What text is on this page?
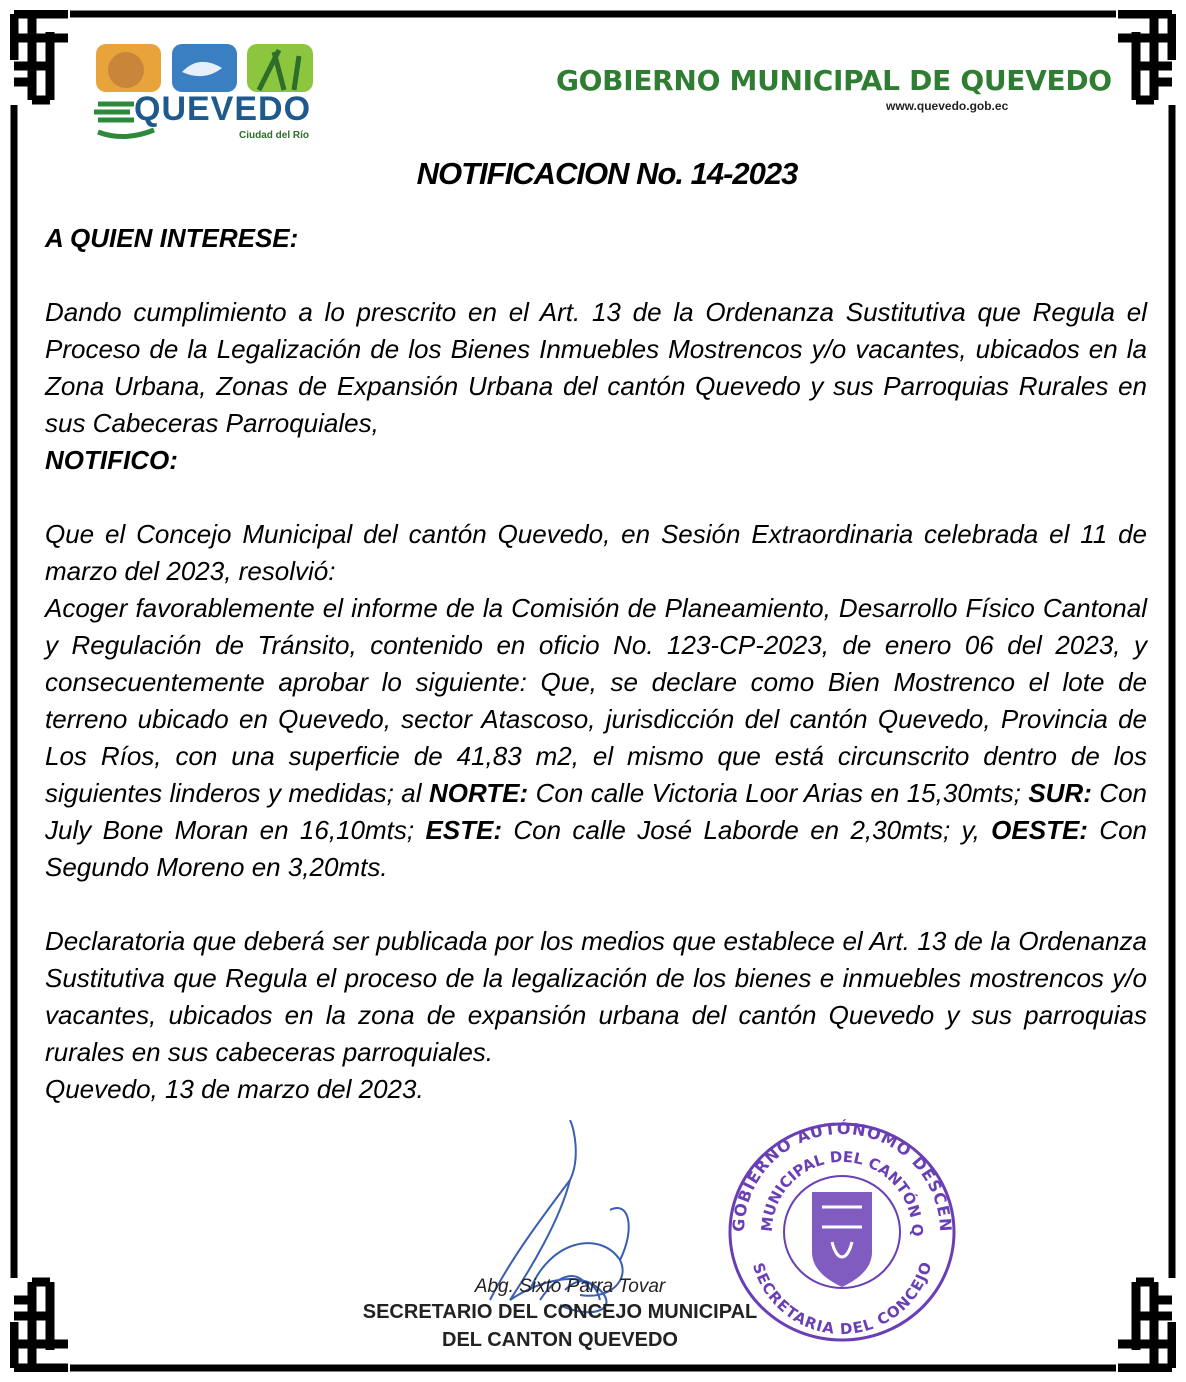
QUEVEDO
Ciudad del Río
GOBIERNO MUNICIPAL DE QUEVEDO
www.quevedo.gob.ec
NOTIFICACION No. 14-2023

A QUIEN INTERESE:

Dando cumplimiento a lo prescrito en el Art. 13 de la Ordenanza Sustitutiva que Regula el Proceso de la Legalización de los Bienes Inmuebles Mostrencos y/o vacantes, ubicados en la Zona Urbana, Zonas de Expansión Urbana del cantón Quevedo y sus Parroquias Rurales en sus Cabeceras Parroquiales,

NOTIFICO:

Que el Concejo Municipal del cantón Quevedo, en Sesión Extraordinaria celebrada el 11 de marzo del 2023, resolvió:

Acoger favorablemente el informe de la Comisión de Planeamiento, Desarrollo Físico Cantonal y Regulación de Tránsito, contenido en oficio No. 123-CP-2023, de enero 06 del 2023, y consecuentemente aprobar lo siguiente: Que, se declare como Bien Mostrenco el lote de terreno ubicado en Quevedo, sector Atascoso, jurisdicción del cantón Quevedo, Provincia de Los Ríos, con una superficie de 41,83 m2, el mismo que está circunscrito dentro de los siguientes linderos y medidas; al NORTE: Con calle Victoria Loor Arias en 15,30mts; SUR: Con July Bone Moran en 16,10mts; ESTE: Con calle José Laborde en 2,30mts; y, OESTE: Con Segundo Moreno en 3,20mts.

Declaratoria que deberá ser publicada por los medios que establece el Art. 13 de la Ordenanza Sustitutiva que Regula el proceso de la legalización de los bienes e inmuebles mostrencos y/o vacantes, ubicados en la zona de expansión urbana del cantón Quevedo y sus parroquias rurales en sus cabeceras parroquiales.

Quevedo, 13 de marzo del 2023.

GOBIERNO AUTÓNOMO DESCEN
MUNICIPAL DEL CANTÓN Q
SECRETARIA DEL CONCEJO
Abg. Sixto Parra Tovar
SECRETARIO DEL CONCEJO MUNICIPAL
DEL CANTON QUEVEDO
